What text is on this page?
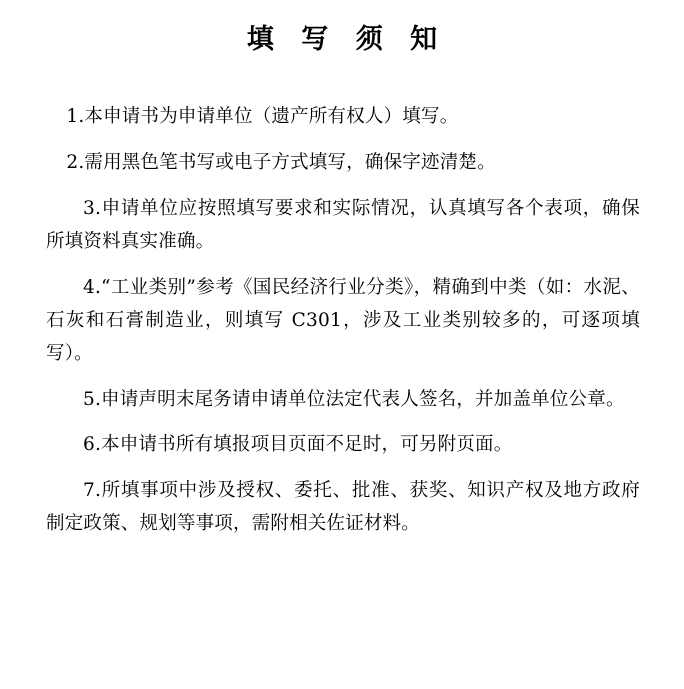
填 写 须 知

1.本申请书为申请单位（遗产所有权人）填写。

2.需用黑色笔书写或电子方式填写，确保字迹清楚。

3.申请单位应按照填写要求和实际情况，认真填写各个表项，确保所填资料真实准确。

4.“工业类别”参考《国民经济行业分类》，精确到中类（如：水泥、石灰和石膏制造业，则填写 C301，涉及工业类别较多的，可逐项填写）。

5.申请声明末尾务请申请单位法定代表人签名，并加盖单位公章。

6.本申请书所有填报项目页面不足时，可另附页面。

7.所填事项中涉及授权、委托、批准、获奖、知识产权及地方政府制定政策、规划等事项，需附相关佐证材料。
